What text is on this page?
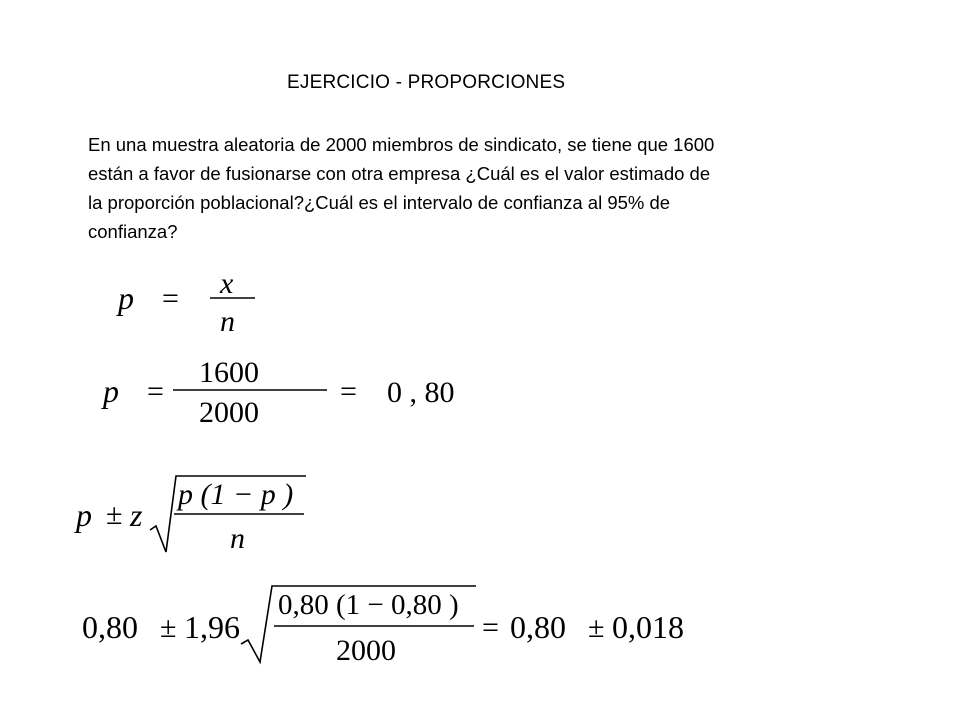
EJERCICIO - PROPORCIONES
En una muestra aleatoria de 2000 miembros de sindicato, se tiene que 1600
están a favor de fusionarse con otra empresa ¿Cuál es el valor estimado de
la proporción poblacional?¿Cuál es el intervalo de confianza al 95% de
confianza?
p = x
n
p =
1600
2000
= 0 , 80
p ± z
p (1 − p )
n
0,80 ± 1,96
0,80 (1 − 0,80 )
2000
= 0,80 ± 0,018
